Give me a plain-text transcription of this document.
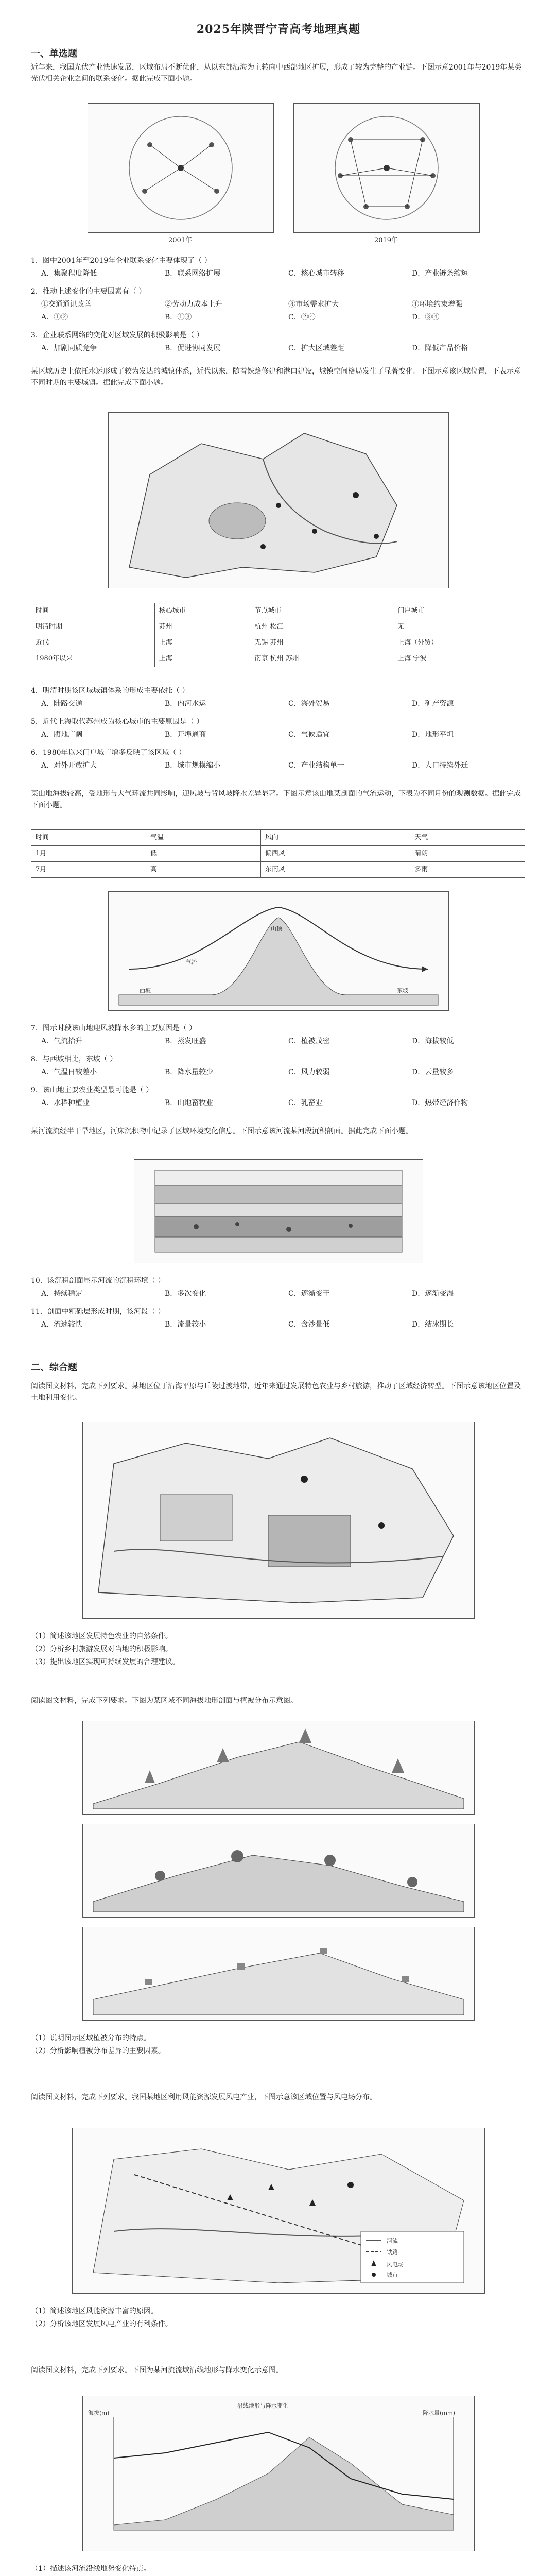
2025年陕晋宁青高考地理真题
一、单选题
近年来，我国光伏产业快速发展，区域布局不断优化，从以东部沿海为主转向中西部地区扩展，形成了较为完整的产业链。下图示意2001年与2019年某类光伏相关企业之间的联系变化。据此完成下面小题。
2001年	2019年
1．图中2001年至2019年企业联系变化主要体现了（ ）
A．集聚程度降低	B．联系网络扩展	C．核心城市转移	D．产业链条缩短
2．推动上述变化的主要因素有（ ）
①交通通讯改善	②劳动力成本上升	③市场需求扩大	④环境约束增强
A．①②	B．①③	C．②④	D．③④
3．企业联系网络的变化对区域发展的积极影响是（ ）
A．加剧同质竞争	B．促进协同发展	C．扩大区域差距	D．降低产品价格
某区域历史上依托水运形成了较为发达的城镇体系，近代以来，随着铁路修建和港口建设，城镇空间格局发生了显著变化。下图示意该区域位置，下表示意不同时期的主要城镇。据此完成下面小题。
时间	核心城市	节点城市	门户城市
明清时期	苏州	杭州 松江	无
近代	上海	无锡 苏州	上海（外贸）
1980年以来	上海	南京 杭州 苏州	上海 宁波
4．明清时期该区域城镇体系的形成主要依托（ ）
A．陆路交通	B．内河水运	C．海外贸易	D．矿产资源
5．近代上海取代苏州成为核心城市的主要原因是（ ）
A．腹地广阔	B．开埠通商	C．气候适宜	D．地形平坦
6．1980年以来门户城市增多反映了该区域（ ）
A．对外开放扩大	B．城市规模缩小	C．产业结构单一	D．人口持续外迁
某山地海拔较高，受地形与大气环流共同影响，迎风坡与背风坡降水差异显著。下图示意该山地某剖面的气流运动，下表为不同月份的观测数据。据此完成下面小题。
时间	气温	风向	天气
1月	低	偏西风	晴朗
7月	高	东南风	多雨
西坡	东坡
气流
山顶
7．图示时段该山地迎风坡降水多的主要原因是（ ）
A．气流抬升	B．蒸发旺盛	C．植被茂密	D．海拔较低
8．与西坡相比，东坡（ ）
A．气温日较差小	B．降水量较少	C．风力较弱	D．云量较多
9．该山地主要农业类型最可能是（ ）
A．水稻种植业	B．山地畜牧业	C．乳畜业	D．热带经济作物
某河流流经半干旱地区，河床沉积物中记录了区域环境变化信息。下图示意该河流某河段沉积剖面。据此完成下面小题。
10．该沉积剖面显示河流的沉积环境（ ）
A．持续稳定	B．多次变化	C．逐渐变干	D．逐渐变湿
11．剖面中粗砾层形成时期，该河段（ ）
A．流速较快	B．流量较小	C．含沙量低	D．结冰期长
二、综合题
阅读图文材料，完成下列要求。某地区位于沿海平原与丘陵过渡地带，近年来通过发展特色农业与乡村旅游，推动了区域经济转型。下图示意该地区位置及土地利用变化。
（1）简述该地区发展特色农业的自然条件。
（2）分析乡村旅游发展对当地的积极影响。
（3）提出该地区实现可持续发展的合理建议。
阅读图文材料，完成下列要求。下图为某区域不同海拔地形剖面与植被分布示意图。
（1）说明图示区域植被分布的特点。
（2）分析影响植被分布差异的主要因素。
阅读图文材料，完成下列要求。我国某地区利用风能资源发展风电产业，下图示意该区域位置与风电场分布。
河流
铁路
风电场
城市
（1）简述该地区风能资源丰富的原因。
（2）分析该地区发展风电产业的有利条件。
阅读图文材料，完成下列要求。下图为某河流流域沿线地形与降水变化示意图。
沿线地形与降水变化
海拔(m)	降水量(mm)
（1）描述该河流沿线地势变化特点。
